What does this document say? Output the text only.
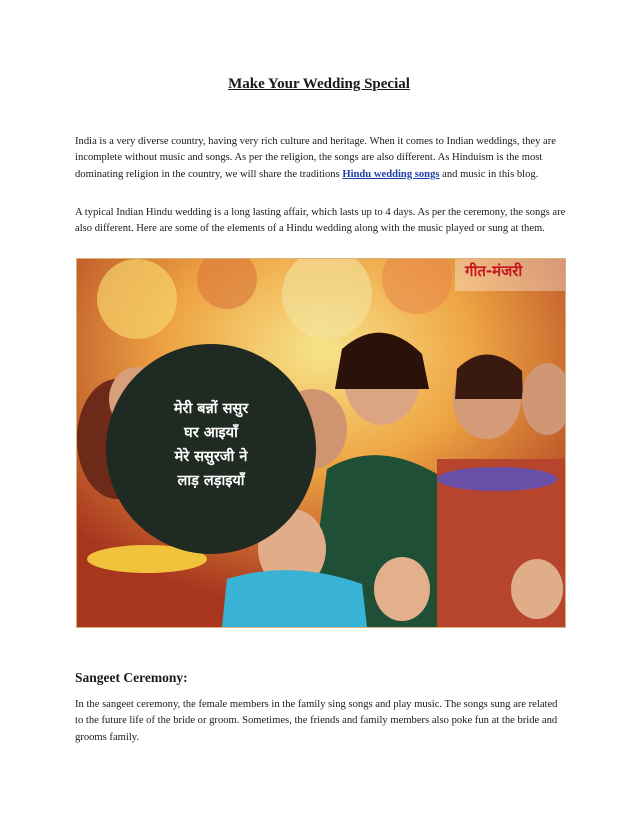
Make Your Wedding Special

India is a very diverse country, having very rich culture and heritage. When it comes to Indian weddings, they are incomplete without music and songs. As per the religion, the songs are also different. As Hinduism is the most dominating religion in the country, we will share the traditions Hindu wedding songs and music in this blog.

A typical Indian Hindu wedding is a long lasting affair, which lasts up to 4 days. As per the ceremony, the songs are also different. Here are some of the elements of a Hindu wedding along with the music played or sung at them.

गीत-मंजरी
मेरी बन्नों ससुर
घर आइयाँ
मेरे ससुरजी ने
लाड़ लड़ाइयाँ
Sangeet Ceremony:

In the sangeet ceremony, the female members in the family sing songs and play music. The songs sung are related to the future life of the bride or groom. Sometimes, the friends and family members also poke fun at the bride and grooms family.
